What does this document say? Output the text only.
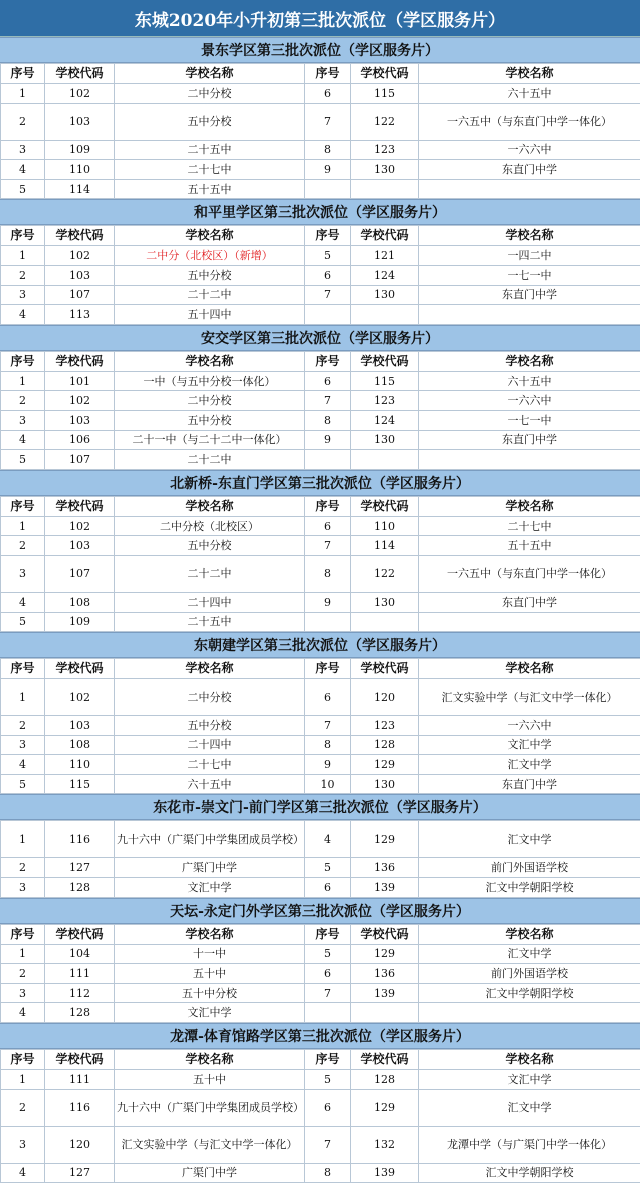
东城2020年小升初第三批次派位（学区服务片）
景东学区第三批次派位（学区服务片）
序号	学校代码	学校名称	序号	学校代码	学校名称
1	102	二中分校	6	115	六十五中
2	103	五中分校	7	122	一六五中（与东直门中学一体化）
3	109	二十五中	8	123	一六六中
4	110	二十七中	9	130	东直门中学
5	114	五十五中			
和平里学区第三批次派位（学区服务片）
序号	学校代码	学校名称	序号	学校代码	学校名称
1	102	二中分（北校区）（新增）	5	121	一四二中
2	103	五中分校	6	124	一七一中
3	107	二十二中	7	130	东直门中学
4	113	五十四中			
安交学区第三批次派位（学区服务片）
序号	学校代码	学校名称	序号	学校代码	学校名称
1	101	一中（与五中分校一体化）	6	115	六十五中
2	102	二中分校	7	123	一六六中
3	103	五中分校	8	124	一七一中
4	106	二十一中（与二十二中一体化）	9	130	东直门中学
5	107	二十二中			
北新桥-东直门学区第三批次派位（学区服务片）
序号	学校代码	学校名称	序号	学校代码	学校名称
1	102	二中分校（北校区）	6	110	二十七中
2	103	五中分校	7	114	五十五中
3	107	二十二中	8	122	一六五中（与东直门中学一体化）
4	108	二十四中	9	130	东直门中学
5	109	二十五中			
东朝建学区第三批次派位（学区服务片）
序号	学校代码	学校名称	序号	学校代码	学校名称
1	102	二中分校	6	120	汇文实验中学（与汇文中学一体化）
2	103	五中分校	7	123	一六六中
3	108	二十四中	8	128	文汇中学
4	110	二十七中	9	129	汇文中学
5	115	六十五中	10	130	东直门中学
东花市-崇文门-前门学区第三批次派位（学区服务片）
1	116	九十六中（广渠门中学集团成员学校）	4	129	汇文中学
2	127	广渠门中学	5	136	前门外国语学校
3	128	文汇中学	6	139	汇文中学朝阳学校
天坛-永定门外学区第三批次派位（学区服务片）
序号	学校代码	学校名称	序号	学校代码	学校名称
1	104	十一中	5	129	汇文中学
2	111	五十中	6	136	前门外国语学校
3	112	五十中分校	7	139	汇文中学朝阳学校
4	128	文汇中学			
龙潭-体育馆路学区第三批次派位（学区服务片）
序号	学校代码	学校名称	序号	学校代码	学校名称
1	111	五十中	5	128	文汇中学
2	116	九十六中（广渠门中学集团成员学校）	6	129	汇文中学
3	120	汇文实验中学（与汇文中学一体化）	7	132	龙潭中学（与广渠门中学一体化）
4	127	广渠门中学	8	139	汇文中学朝阳学校
